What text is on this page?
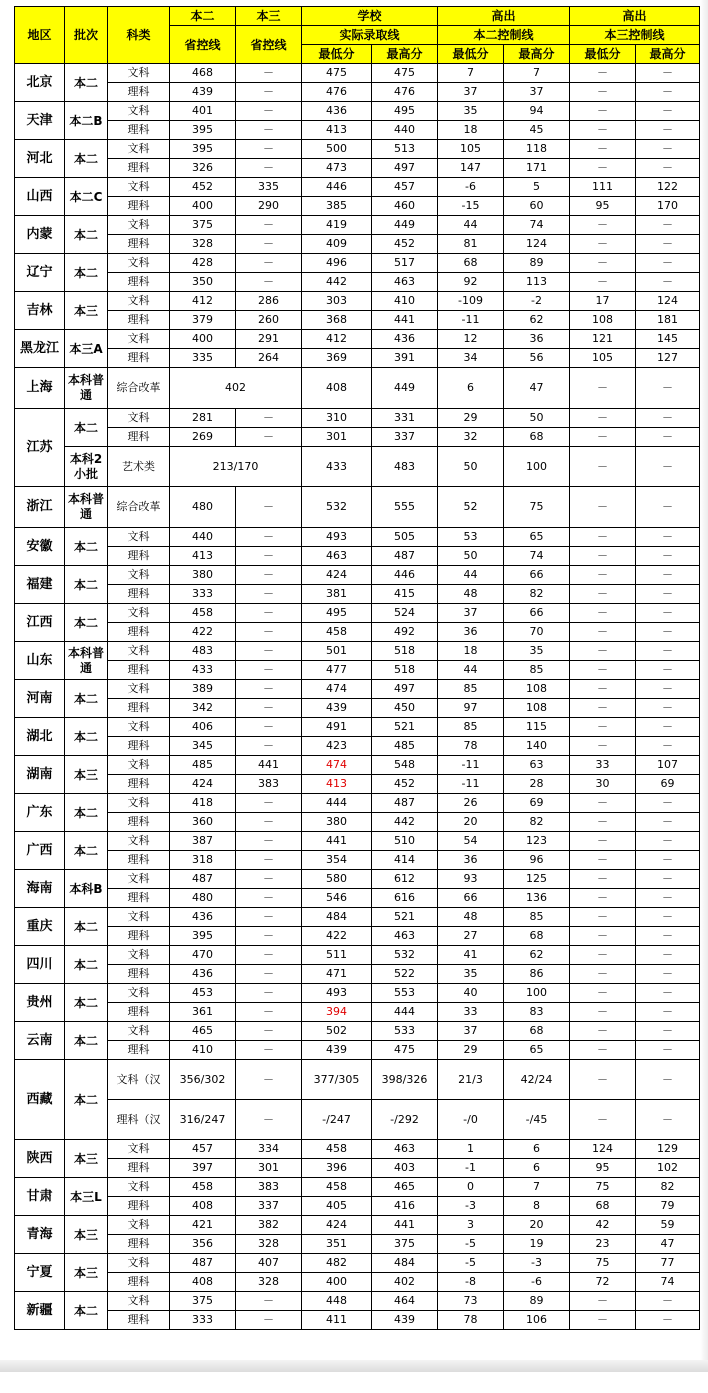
地区	批次	科类	本二	本三	学校		高出		高出	
			省控线	省控线	实际录取线		本二控制线		本三控制线	
					最低分	最高分	最低分	最高分	最低分	最高分
北京	本二	文科	468	－	475	475	7	7	－	－
		理科	439	－	476	476	37	37	－	－
天津	本二B	文科	401	－	436	495	35	94	－	－
		理科	395	－	413	440	18	45	－	－
河北	本二	文科	395	－	500	513	105	118	－	－
		理科	326	－	473	497	147	171	－	－
山西	本二C	文科	452	335	446	457	-6	5	111	122
		理科	400	290	385	460	-15	60	95	170
内蒙	本二	文科	375	－	419	449	44	74	－	－
		理科	328	－	409	452	81	124	－	－
辽宁	本二	文科	428	－	496	517	68	89	－	－
		理科	350	－	442	463	92	113	－	－
吉林	本三	文科	412	286	303	410	-109	-2	17	124
		理科	379	260	368	441	-11	62	108	181
黑龙江	本三A	文科	400	291	412	436	12	36	121	145
		理科	335	264	369	391	34	56	105	127
上海	本科普通	综合改革	402		408	449	6	47	－	－
江苏	本二	文科	281	－	310	331	29	50	－	－
		理科	269	－	301	337	32	68	－	－
	本科2小批	艺术类	213/170		433	483	50	100	－	－
浙江	本科普通	综合改革	480	－	532	555	52	75	－	－
安徽	本二	文科	440	－	493	505	53	65	－	－
		理科	413	－	463	487	50	74	－	－
福建	本二	文科	380	－	424	446	44	66	－	－
		理科	333	－	381	415	48	82	－	－
江西	本二	文科	458	－	495	524	37	66	－	－
		理科	422	－	458	492	36	70	－	－
山东	本科普通	文科	483	－	501	518	18	35	－	－
		理科	433	－	477	518	44	85	－	－
河南	本二	文科	389	－	474	497	85	108	－	－
		理科	342	－	439	450	97	108	－	－
湖北	本二	文科	406	－	491	521	85	115	－	－
		理科	345	－	423	485	78	140	－	－
湖南	本三	文科	485	441	474	548	-11	63	33	107
		理科	424	383	413	452	-11	28	30	69
广东	本二	文科	418	－	444	487	26	69	－	－
		理科	360	－	380	442	20	82	－	－
广西	本二	文科	387	－	441	510	54	123	－	－
		理科	318	－	354	414	36	96	－	－
海南	本科B	文科	487	－	580	612	93	125	－	－
		理科	480	－	546	616	66	136	－	－
重庆	本二	文科	436	－	484	521	48	85	－	－
		理科	395	－	422	463	27	68	－	－
四川	本二	文科	470	－	511	532	41	62	－	－
		理科	436	－	471	522	35	86	－	－
贵州	本二	文科	453	－	493	553	40	100	－	－
		理科	361	－	394	444	33	83	－	－
云南	本二	文科	465	－	502	533	37	68	－	－
		理科	410	－	439	475	29	65	－	－
西藏	本二	文科（汉	356/302	－	377/305	398/326	21/3	42/24	－	－
		理科（汉	316/247	－	-/247	-/292	-/0	-/45	－	－
陕西	本三	文科	457	334	458	463	1	6	124	129
		理科	397	301	396	403	-1	6	95	102
甘肃	本三L	文科	458	383	458	465	0	7	75	82
		理科	408	337	405	416	-3	8	68	79
青海	本三	文科	421	382	424	441	3	20	42	59
		理科	356	328	351	375	-5	19	23	47
宁夏	本三	文科	487	407	482	484	-5	-3	75	77
		理科	408	328	400	402	-8	-6	72	74
新疆	本二	文科	375	－	448	464	73	89	－	－
		理科	333	－	411	439	78	106	－	－
